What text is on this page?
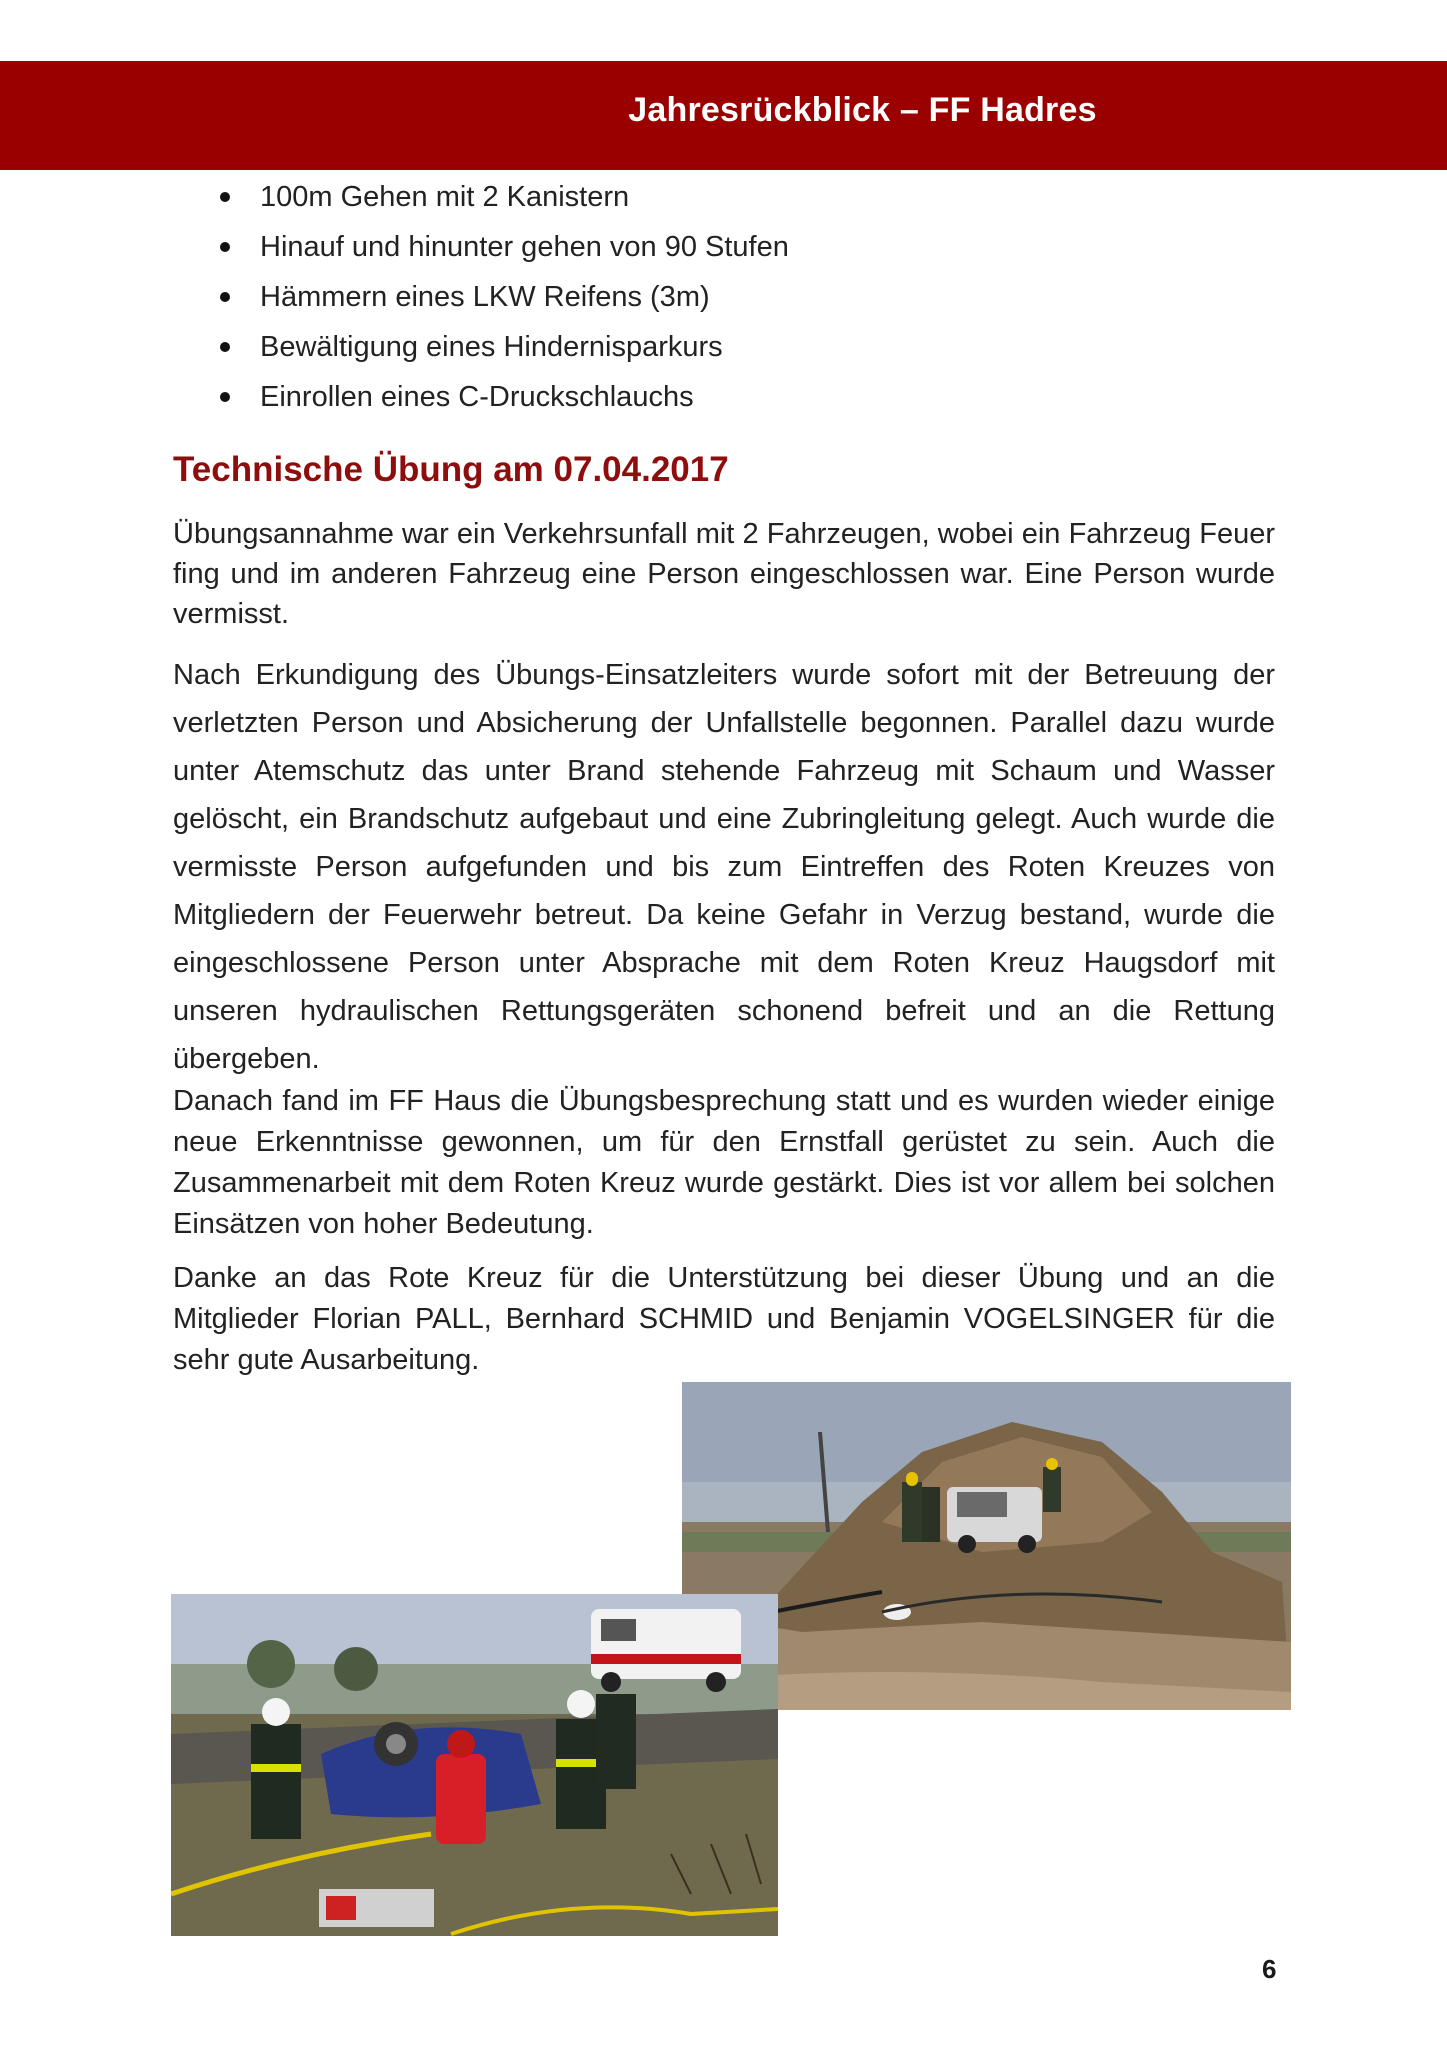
Jahresrückblick – FF Hadres
100m Gehen mit 2 Kanistern
Hinauf und hinunter gehen von 90 Stufen
Hämmern eines LKW Reifens (3m)
Bewältigung eines Hindernisparkurs
Einrollen eines C-Druckschlauchs
Technische Übung am 07.04.2017

Übungsannahme war ein Verkehrsunfall mit 2 Fahrzeugen, wobei ein Fahrzeug Feuer fing und im anderen Fahrzeug eine Person eingeschlossen war. Eine Person wurde vermisst.

Nach Erkundigung des Übungs-Einsatzleiters wurde sofort mit der Betreuung der verletzten Person und Absicherung der Unfallstelle begonnen. Parallel dazu wurde unter Atemschutz das unter Brand stehende Fahrzeug mit Schaum und Wasser gelöscht, ein Brandschutz aufgebaut und eine Zubringleitung gelegt. Auch wurde die vermisste Person aufgefunden und bis zum Eintreffen des Roten Kreuzes von Mitgliedern der Feuerwehr betreut. Da keine Gefahr in Verzug bestand, wurde die eingeschlossene Person unter Absprache mit dem Roten Kreuz Haugsdorf mit unseren hydraulischen Rettungsgeräten schonend befreit und an die Rettung übergeben.

Danach fand im FF Haus die Übungsbesprechung statt und es wurden wieder einige neue Erkenntnisse gewonnen, um für den Ernstfall gerüstet zu sein. Auch die Zusammenarbeit mit dem Roten Kreuz wurde gestärkt. Dies ist vor allem bei solchen Einsätzen von hoher Bedeutung.

Danke an das Rote Kreuz für die Unterstützung bei dieser Übung und an die Mitglieder Florian PALL, Bernhard SCHMID und Benjamin VOGELSINGER für die sehr gute Ausarbeitung.

6
